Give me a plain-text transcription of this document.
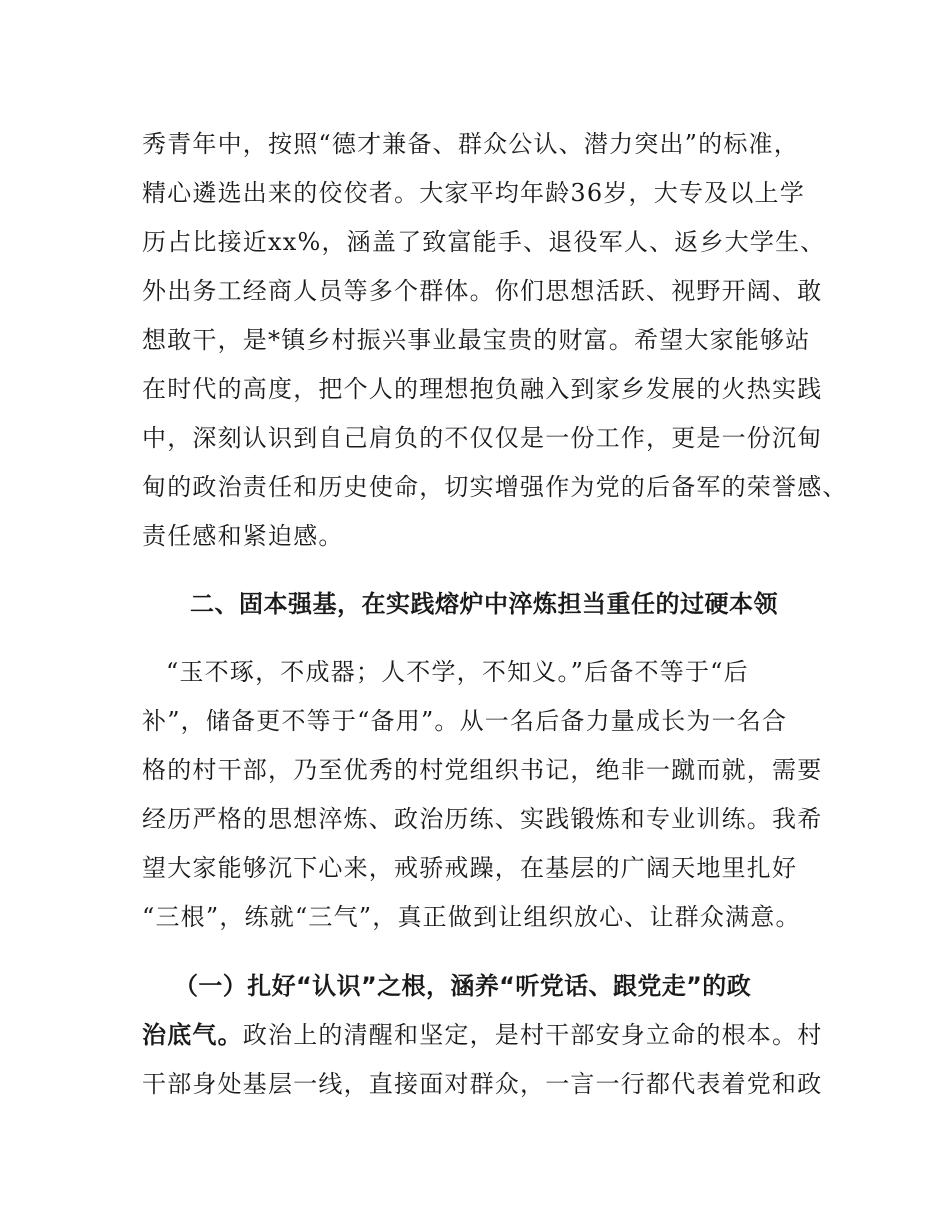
秀青年中，按照“德才兼备、群众公认、潜力突出”的标准，
精心遴选出来的佼佼者。大家平均年龄36岁，大专及以上学
历占比接近xx%，涵盖了致富能手、退役军人、返乡大学生、
外出务工经商人员等多个群体。你们思想活跃、视野开阔、敢
想敢干，是*镇乡村振兴事业最宝贵的财富。希望大家能够站
在时代的高度，把个人的理想抱负融入到家乡发展的火热实践
中，深刻认识到自己肩负的不仅仅是一份工作，更是一份沉甸
甸的政治责任和历史使命，切实增强作为党的后备军的荣誉感、
责任感和紧迫感。
二、固本强基，在实践熔炉中淬炼担当重任的过硬本领
“玉不琢，不成器；人不学，不知义。”后备不等于“后
补”，储备更不等于“备用”。从一名后备力量成长为一名合
格的村干部，乃至优秀的村党组织书记，绝非一蹴而就，需要
经历严格的思想淬炼、政治历练、实践锻炼和专业训练。我希
望大家能够沉下心来，戒骄戒躁，在基层的广阔天地里扎好
“三根”，练就“三气”，真正做到让组织放心、让群众满意。
（一）扎好“认识”之根，涵养“听党话、跟党走”的政
治底气。政治上的清醒和坚定，是村干部安身立命的根本。村
干部身处基层一线，直接面对群众，一言一行都代表着党和政
